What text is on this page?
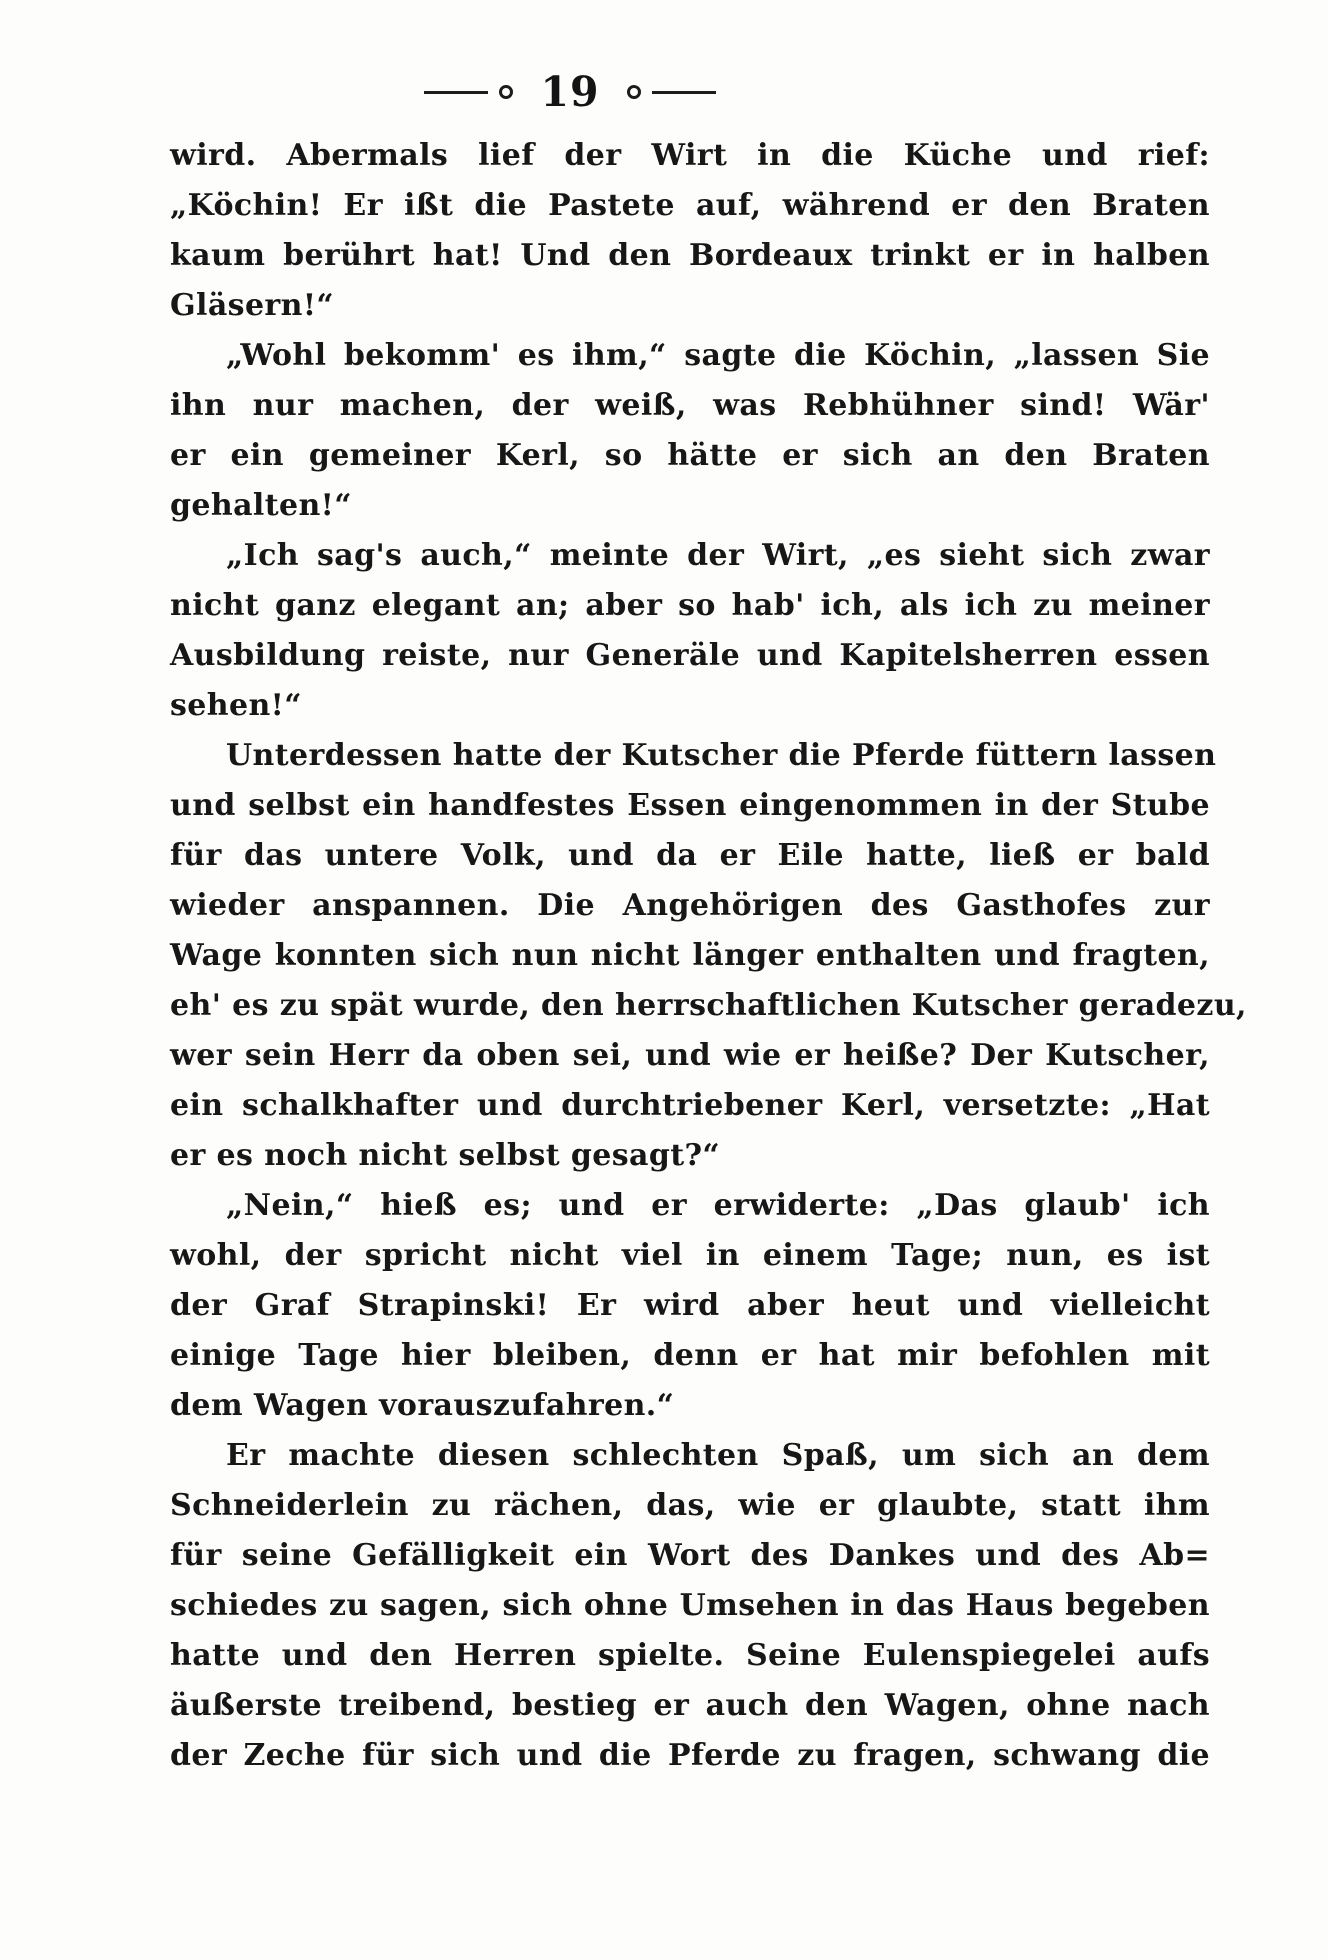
19
wird. Abermals lief der Wirt in die Küche und rief:
„Köchin! Er ißt die Pastete auf, während er den Braten
kaum berührt hat! Und den Bordeaux trinkt er in halben
Gläsern!“
„Wohl bekomm' es ihm,“ sagte die Köchin, „lassen Sie
ihn nur machen, der weiß, was Rebhühner sind! Wär'
er ein gemeiner Kerl, so hätte er sich an den Braten
gehalten!“
„Ich sag's auch,“ meinte der Wirt, „es sieht sich zwar
nicht ganz elegant an; aber so hab' ich, als ich zu meiner
Ausbildung reiste, nur Generäle und Kapitelsherren essen
sehen!“
Unterdessen hatte der Kutscher die Pferde füttern lassen
und selbst ein handfestes Essen eingenommen in der Stube
für das untere Volk, und da er Eile hatte, ließ er bald
wieder anspannen. Die Angehörigen des Gasthofes zur
Wage konnten sich nun nicht länger enthalten und fragten,
eh' es zu spät wurde, den herrschaftlichen Kutscher geradezu,
wer sein Herr da oben sei, und wie er heiße? Der Kutscher,
ein schalkhafter und durchtriebener Kerl, versetzte: „Hat
er es noch nicht selbst gesagt?“
„Nein,“ hieß es; und er erwiderte: „Das glaub' ich
wohl, der spricht nicht viel in einem Tage; nun, es ist
der Graf Strapinski! Er wird aber heut und vielleicht
einige Tage hier bleiben, denn er hat mir befohlen mit
dem Wagen vorauszufahren.“
Er machte diesen schlechten Spaß, um sich an dem
Schneiderlein zu rächen, das, wie er glaubte, statt ihm
für seine Gefälligkeit ein Wort des Dankes und des Ab=
schiedes zu sagen, sich ohne Umsehen in das Haus begeben
hatte und den Herren spielte. Seine Eulenspiegelei aufs
äußerste treibend, bestieg er auch den Wagen, ohne nach
der Zeche für sich und die Pferde zu fragen, schwang die
